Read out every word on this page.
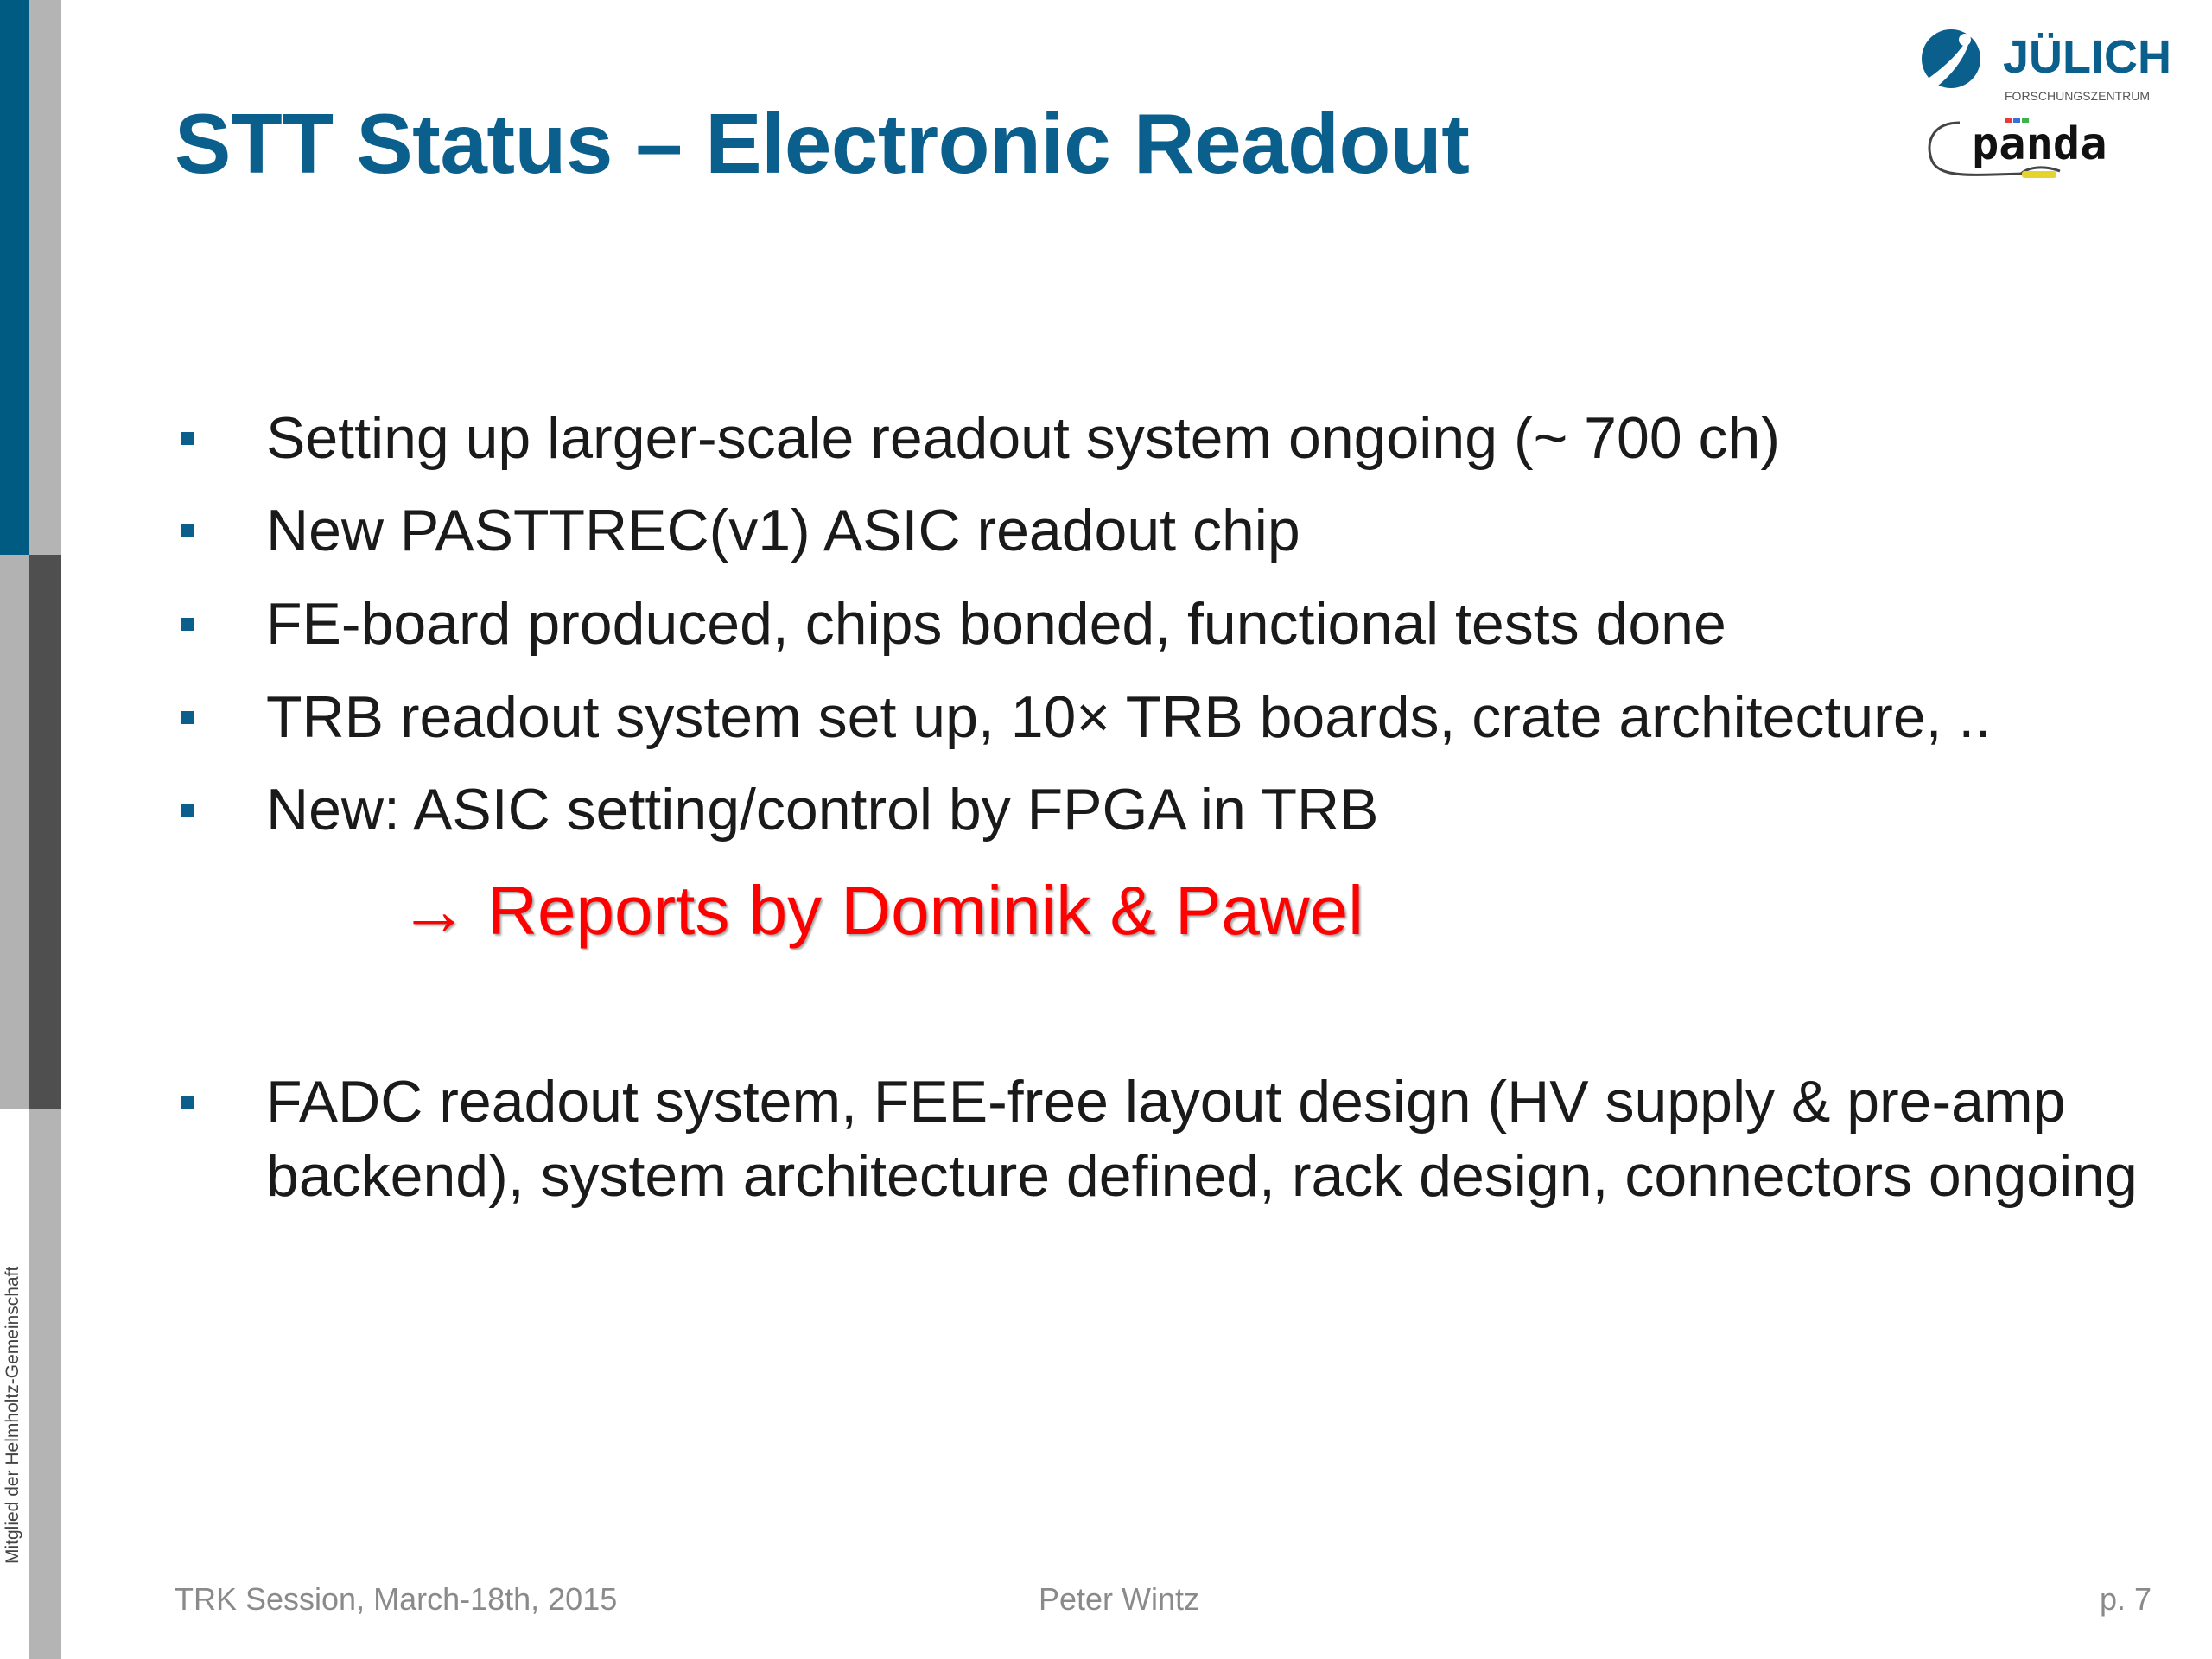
Mitglied der Helmholtz-Gemeinschaft
STT Status – Electronic Readout
JÜLICH
FORSCHUNGSZENTRUM
panda
Setting up larger-scale readout system ongoing (~ 700 ch)
New PASTTREC(v1) ASIC readout chip
FE-board produced, chips bonded, functional tests done
TRB readout system set up, 10× TRB boards, crate architecture, ..
New: ASIC setting/control by FPGA in TRB
FADC readout system, FEE-free layout design (HV supply & pre-amp backend), system architecture defined, rack design, connectors ongoing
→ Reports by Dominik & Pawel
TRK Session, March-18th, 2015	Peter Wintz	p. 7
